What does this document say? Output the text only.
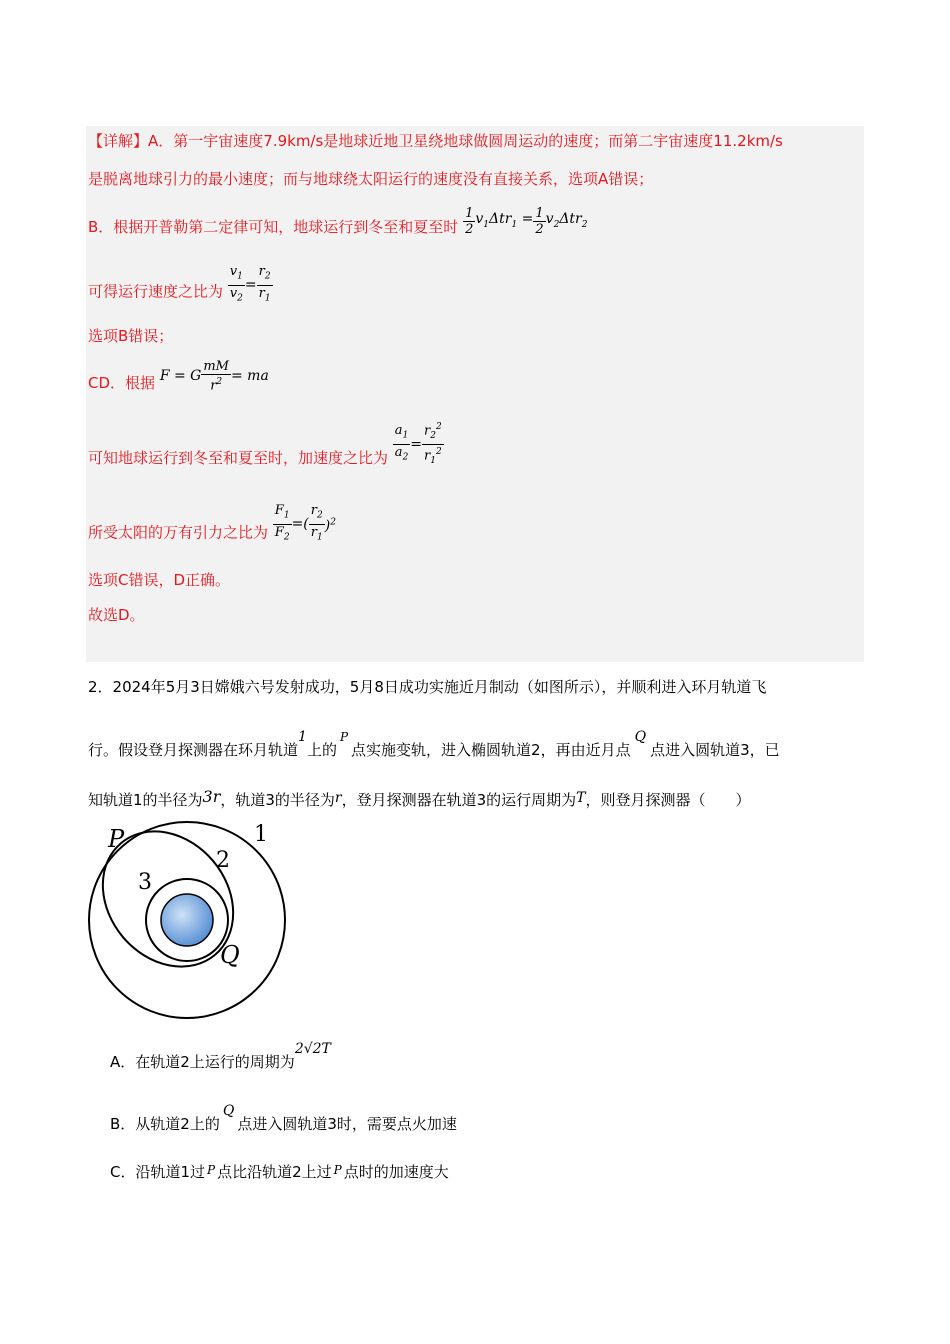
【详解】A．第一宇宙速度7.9km/s是地球近地卫星绕地球做圆周运动的速度；而第二宇宙速度11.2km/s
是脱离地球引力的最小速度；而与地球绕太阳运行的速度没有直接关系，选项A错误；
B．根据开普勒第二定律可知，地球运行到冬至和夏至时 $\frac{1}{2} v_1\Delta tr_1 = \frac{1}{2} v_2\Delta tr_2$
可得运行速度之比为 $\frac{v_1}{v_2} = \frac{r_2}{r_1}$
选项B错误；
CD．根据 F = G $\frac{mM}{r^2}$ = ma
可知地球运行到冬至和夏至时，加速度之比为 $\frac{a_1}{a_2} = \frac{r_2^2}{r_1^2}$
所受太阳的万有引力之比为 $\frac{F_1}{F_2}$ =( $\frac{r_2}{r_1} )^2$
选项C错误，D正确。
故选D。
2．2024年5月3日嫦娥六号发射成功，5月8日成功实施近月制动（如图所示），并顺利进入环月轨道飞
行。假设登月探测器在环月轨道1上的$^P$点实施变轨，进入椭圆轨道2，再由近月点Q点进入圆轨道3，已
知轨道1的半径为3r，轨道3的半径为r，登月探测器在轨道3的运行周期为T，则登月探测器（　　）
P
Q
1
2
3
A．在轨道2上运行的周期为2√2T
B．从轨道2上的Q点进入圆轨道3时，需要点火加速
C．沿轨道1过 $^P$ 点比沿轨道2上过 $^P$ 点时的加速度大
